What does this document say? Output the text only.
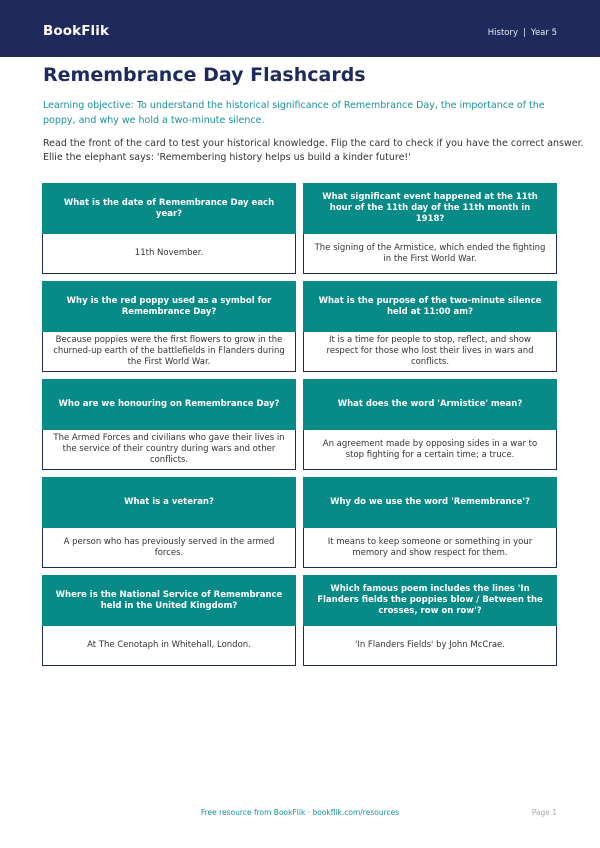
BookFlik	History | Year 5
Remembrance Day Flashcards
Learning objective: To understand the historical significance of Remembrance Day, the importance of the poppy, and why we hold a two-minute silence.
Read the front of the card to test your historical knowledge. Flip the card to check if you have the correct answer.
Ellie the elephant says: 'Remembering history helps us build a kinder future!'
What is the date of Remembrance Day each year?
11th November.
What significant event happened at the 11th hour of the 11th day of the 11th month in 1918?
The signing of the Armistice, which ended the fighting in the First World War.
Why is the red poppy used as a symbol for Remembrance Day?
Because poppies were the first flowers to grow in the churned-up earth of the battlefields in Flanders during the First World War.
What is the purpose of the two-minute silence held at 11:00 am?
It is a time for people to stop, reflect, and show respect for those who lost their lives in wars and conflicts.
Who are we honouring on Remembrance Day?
The Armed Forces and civilians who gave their lives in the service of their country during wars and other conflicts.
What does the word 'Armistice' mean?
An agreement made by opposing sides in a war to stop fighting for a certain time; a truce.
What is a veteran?
A person who has previously served in the armed forces.
Why do we use the word 'Remembrance'?
It means to keep someone or something in your memory and show respect for them.
Where is the National Service of Remembrance held in the United Kingdom?
At The Cenotaph in Whitehall, London.
Which famous poem includes the lines 'In Flanders fields the poppies blow / Between the crosses, row on row'?
'In Flanders Fields' by John McCrae.
Free resource from BookFlik · bookflik.com/resources	Page 1
